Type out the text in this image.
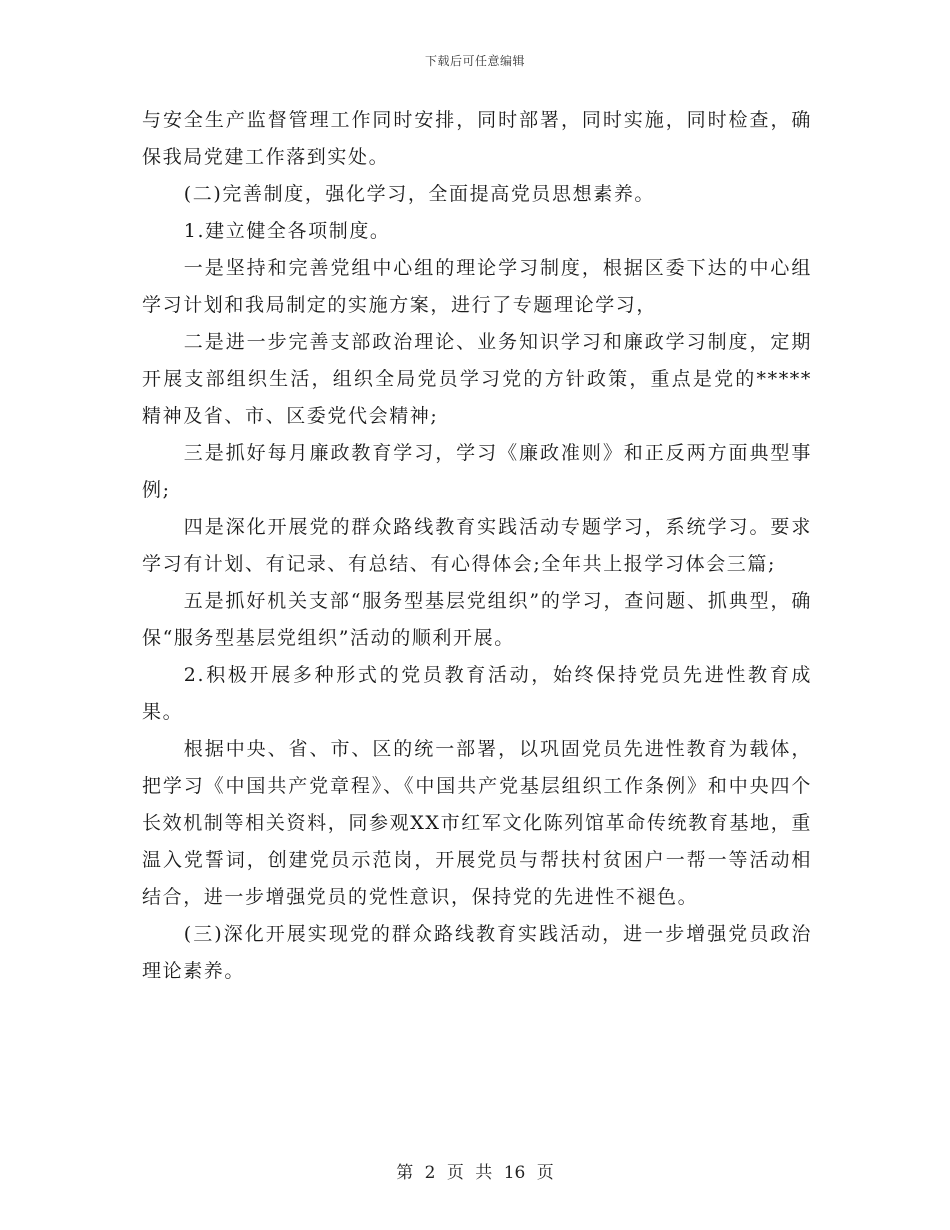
下载后可任意编辑

与安全生产监督管理工作同时安排，同时部署，同时实施，同时检查，确保我局党建工作落到实处。

(二)完善制度，强化学习，全面提高党员思想素养。

1.建立健全各项制度。

一是坚持和完善党组中心组的理论学习制度，根据区委下达的中心组学习计划和我局制定的实施方案，进行了专题理论学习，

二是进一步完善支部政治理论、业务知识学习和廉政学习制度，定期开展支部组织生活，组织全局党员学习党的方针政策，重点是党的*****精神及省、市、区委党代会精神;

三是抓好每月廉政教育学习，学习《廉政准则》和正反两方面典型事例;

四是深化开展党的群众路线教育实践活动专题学习，系统学习。要求学习有计划、有记录、有总结、有心得体会;全年共上报学习体会三篇;

五是抓好机关支部“服务型基层党组织”的学习，查问题、抓典型，确保“服务型基层党组织”活动的顺利开展。

2.积极开展多种形式的党员教育活动，始终保持党员先进性教育成果。

根据中央、省、市、区的统一部署，以巩固党员先进性教育为载体，把学习《中国共产党章程》、《中国共产党基层组织工作条例》和中央四个长效机制等相关资料，同参观XX市红军文化陈列馆革命传统教育基地，重温入党誓词，创建党员示范岗，开展党员与帮扶村贫困户一帮一等活动相结合，进一步增强党员的党性意识，保持党的先进性不褪色。

(三)深化开展实现党的群众路线教育实践活动，进一步增强党员政治理论素养。

第 2 页 共 16 页
